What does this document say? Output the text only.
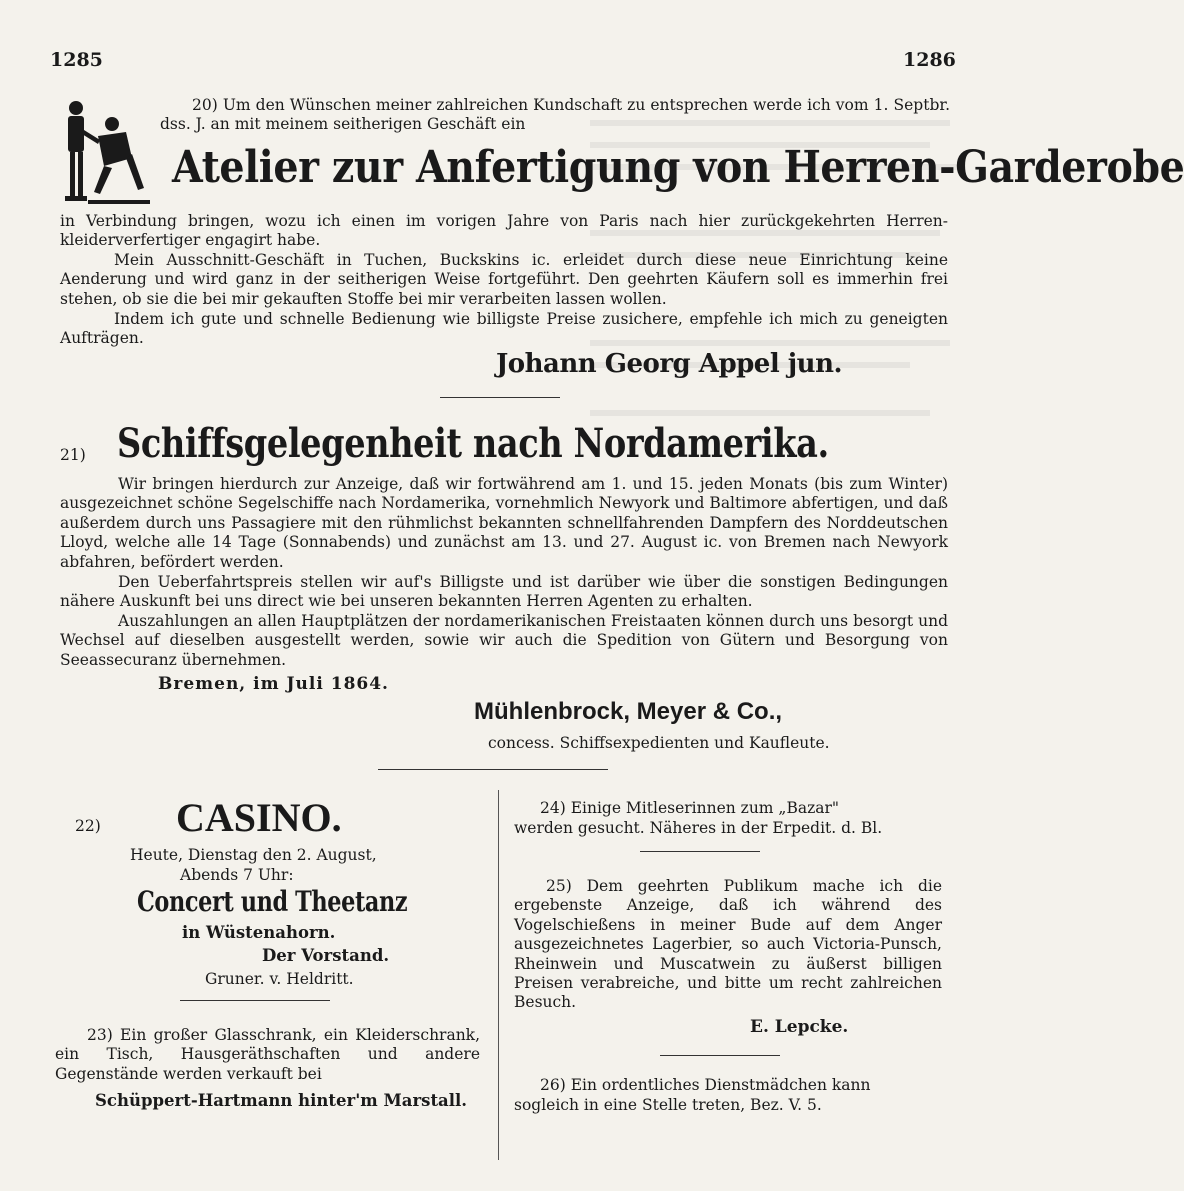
1285	1286

20) Um den Wünschen meiner zahlreichen Kundschaft zu entsprechen werde ich vom 1. Septbr. dss. J. an mit meinem seitherigen Geschäft ein

Atelier zur Anfertigung von Herren-Garderobe

in Verbindung bringen, wozu ich einen im vorigen Jahre von Paris nach hier zurückgekehrten Herren-kleiderverfertiger engagirt habe.

Mein Ausschnitt-Geschäft in Tuchen, Buckskins ic. erleidet durch diese neue Einrichtung keine Aenderung und wird ganz in der seitherigen Weise fortgeführt. Den geehrten Käufern soll es immerhin frei stehen, ob sie die bei mir gekauften Stoffe bei mir verarbeiten lassen wollen.

Indem ich gute und schnelle Bedienung wie billigste Preise zusichere, empfehle ich mich zu geneigten Aufträgen.

Johann Georg Appel jun.
21) Schiffsgelegenheit nach Nordamerika.

Wir bringen hierdurch zur Anzeige, daß wir fortwährend am 1. und 15. jeden Monats (bis zum Winter) ausgezeichnet schöne Segelschiffe nach Nordamerika, vornehmlich Newyork und Baltimore abfertigen, und daß außerdem durch uns Passagiere mit den rühmlichst bekannten schnellfahrenden Dampfern des Norddeutschen Lloyd, welche alle 14 Tage (Sonnabends) und zunächst am 13. und 27. August ic. von Bremen nach Newyork abfahren, befördert werden.

Den Ueberfahrtspreis stellen wir auf's Billigste und ist darüber wie über die sonstigen Bedingungen nähere Auskunft bei uns direct wie bei unseren bekannten Herren Agenten zu erhalten.

Auszahlungen an allen Hauptplätzen der nordamerikanischen Freistaaten können durch uns besorgt und Wechsel auf dieselben ausgestellt werden, sowie wir auch die Spedition von Gütern und Besorgung von Seeassecuranz übernehmen.

Bremen, im Juli 1864.
Mühlenbrock, Meyer & Co.,
concess. Schiffsexpedienten und Kaufleute.
22) CASINO.
Heute, Dienstag den 2. August,
Abends 7 Uhr:
Concert und Theetanz
in Wüstenahorn.
Der Vorstand.
Gruner. v. Heldritt.

23) Ein großer Glasschrank, ein Kleiderschrank, ein Tisch, Hausgeräthschaften und andere Gegenstände werden verkauft bei

Schüppert-Hartmann hinter'm Marstall.
24) Einige Mitleserinnen zum „Bazar"
werden gesucht. Näheres in der Erpedit. d. Bl.

25) Dem geehrten Publikum mache ich die ergebenste Anzeige, daß ich während des Vogelschießens in meiner Bude auf dem Anger ausgezeichnetes Lagerbier, so auch Victoria-Punsch, Rheinwein und Muscatwein zu äußerst billigen Preisen verabreiche, und bitte um recht zahlreichen Besuch.

E. Lepcke.
26) Ein ordentliches Dienstmädchen kann
sogleich in eine Stelle treten, Bez. V. 5.
